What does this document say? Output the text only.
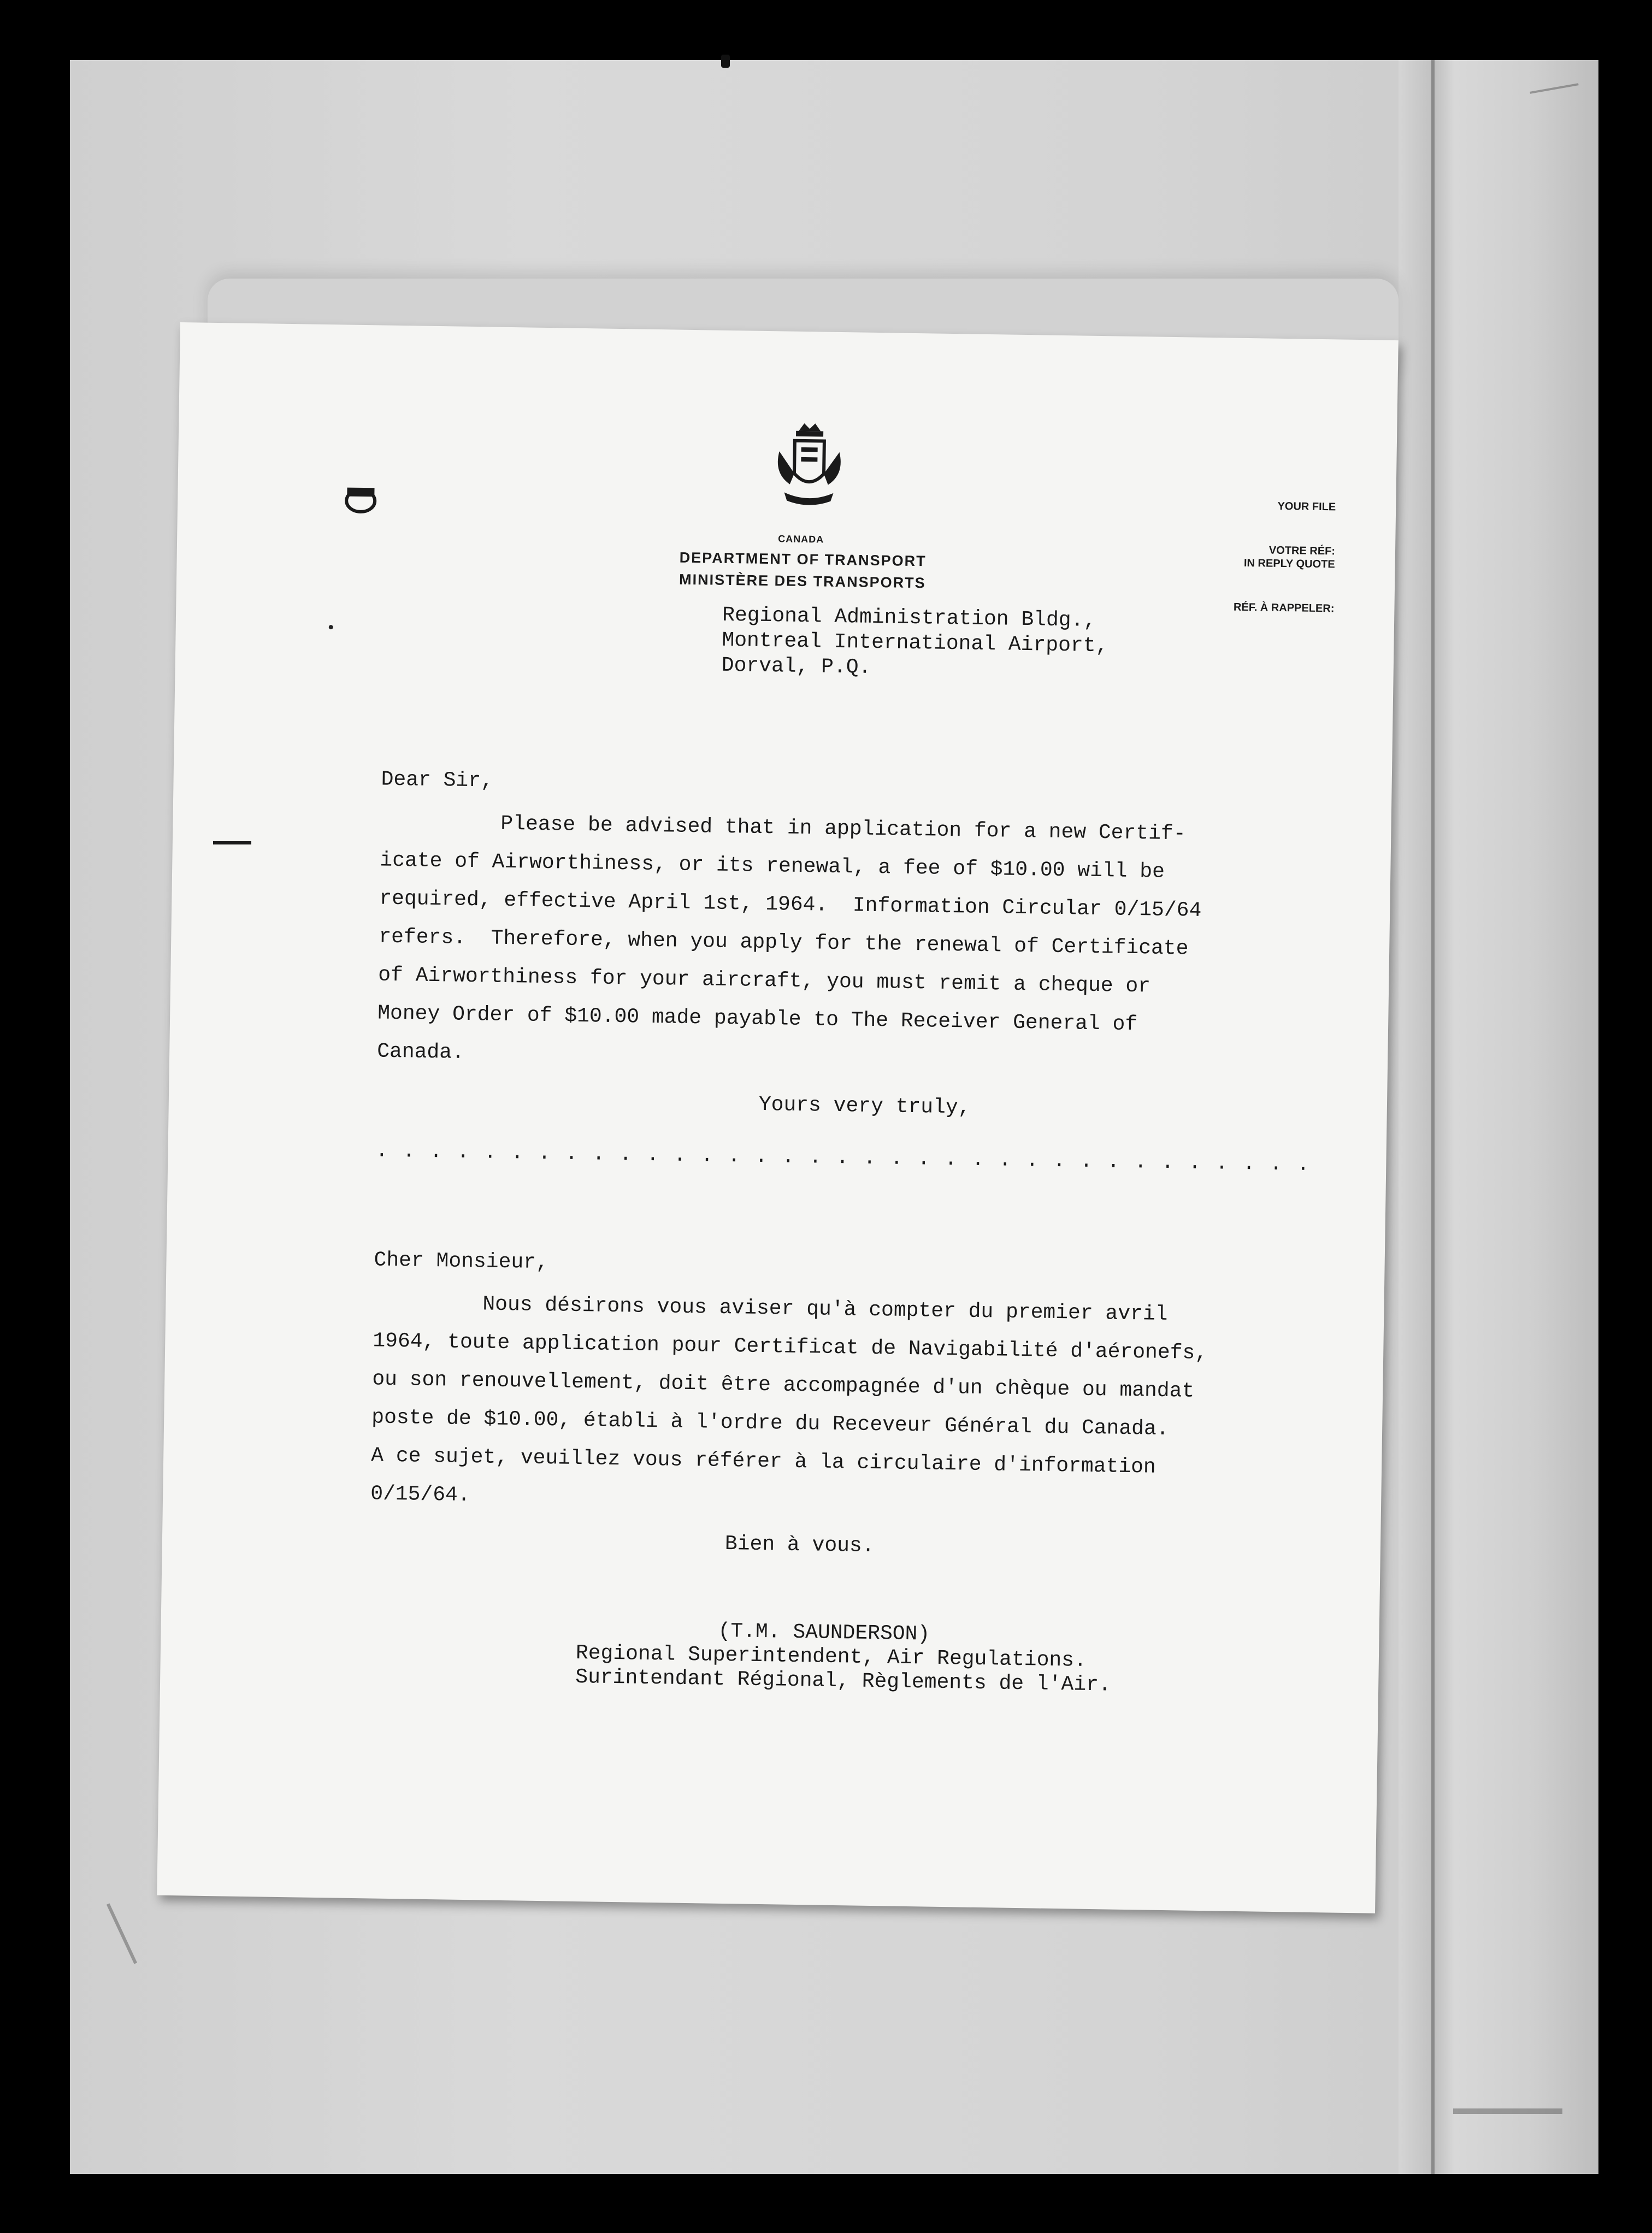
CANADA
DEPARTMENT OF TRANSPORT
MINISTÈRE DES TRANSPORTS

YOUR FILE

VOTRE RÉF:

IN REPLY QUOTE

RÉF. À RAPPELER:

Regional Administration Bldg.,
Montreal International Airport,
Dorval, P.Q.
Dear Sir,
Please be advised that in application for a new Certif-
icate of Airworthiness, or its renewal, a fee of $10.00 will be
required, effective April 1st, 1964.  Information Circular 0/15/64
refers.  Therefore, when you apply for the renewal of Certificate
of Airworthiness for your aircraft, you must remit a cheque or
Money Order of $10.00 made payable to The Receiver General of
Canada.
Yours very truly,
. . . . . . . . . . . . . . . . . . . . . . . . . . . . . . . . . . .
Cher Monsieur,
Nous désirons vous aviser qu'à compter du premier avril
1964, toute application pour Certificat de Navigabilité d'aéronefs,
ou son renouvellement, doit être accompagnée d'un chèque ou mandat
poste de $10.00, établi à l'ordre du Receveur Général du Canada.
A ce sujet, veuillez vous référer à la circulaire d'information
0/15/64.
Bien à vous.
(T.M. SAUNDERSON)
Regional Superintendent, Air Regulations.
Surintendant Régional, Règlements de l'Air.
